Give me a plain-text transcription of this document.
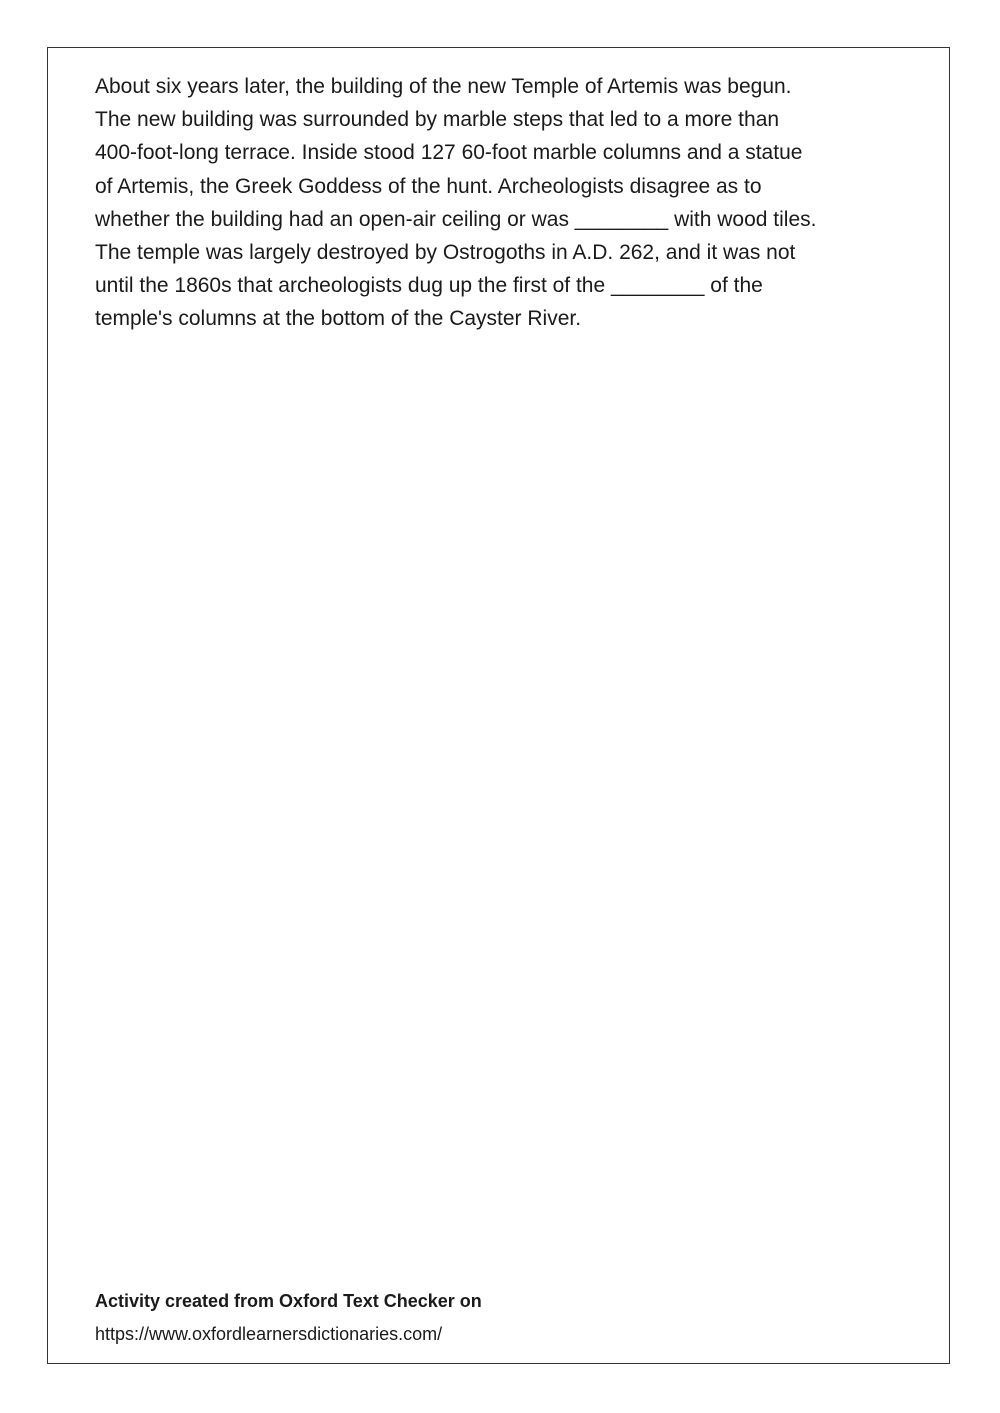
About six years later, the building of the new Temple of Artemis was begun.
The new building was surrounded by marble steps that led to a more than
400-foot-long terrace. Inside stood 127 60-foot marble columns and a statue
of Artemis, the Greek Goddess of the hunt. Archeologists disagree as to
whether the building had an open-air ceiling or was ________ with wood tiles.
The temple was largely destroyed by Ostrogoths in A.D. 262, and it was not
until the 1860s that archeologists dug up the first of the ________ of the
temple's columns at the bottom of the Cayster River.

Activity created from Oxford Text Checker on
https://www.oxfordlearnersdictionaries.com/
